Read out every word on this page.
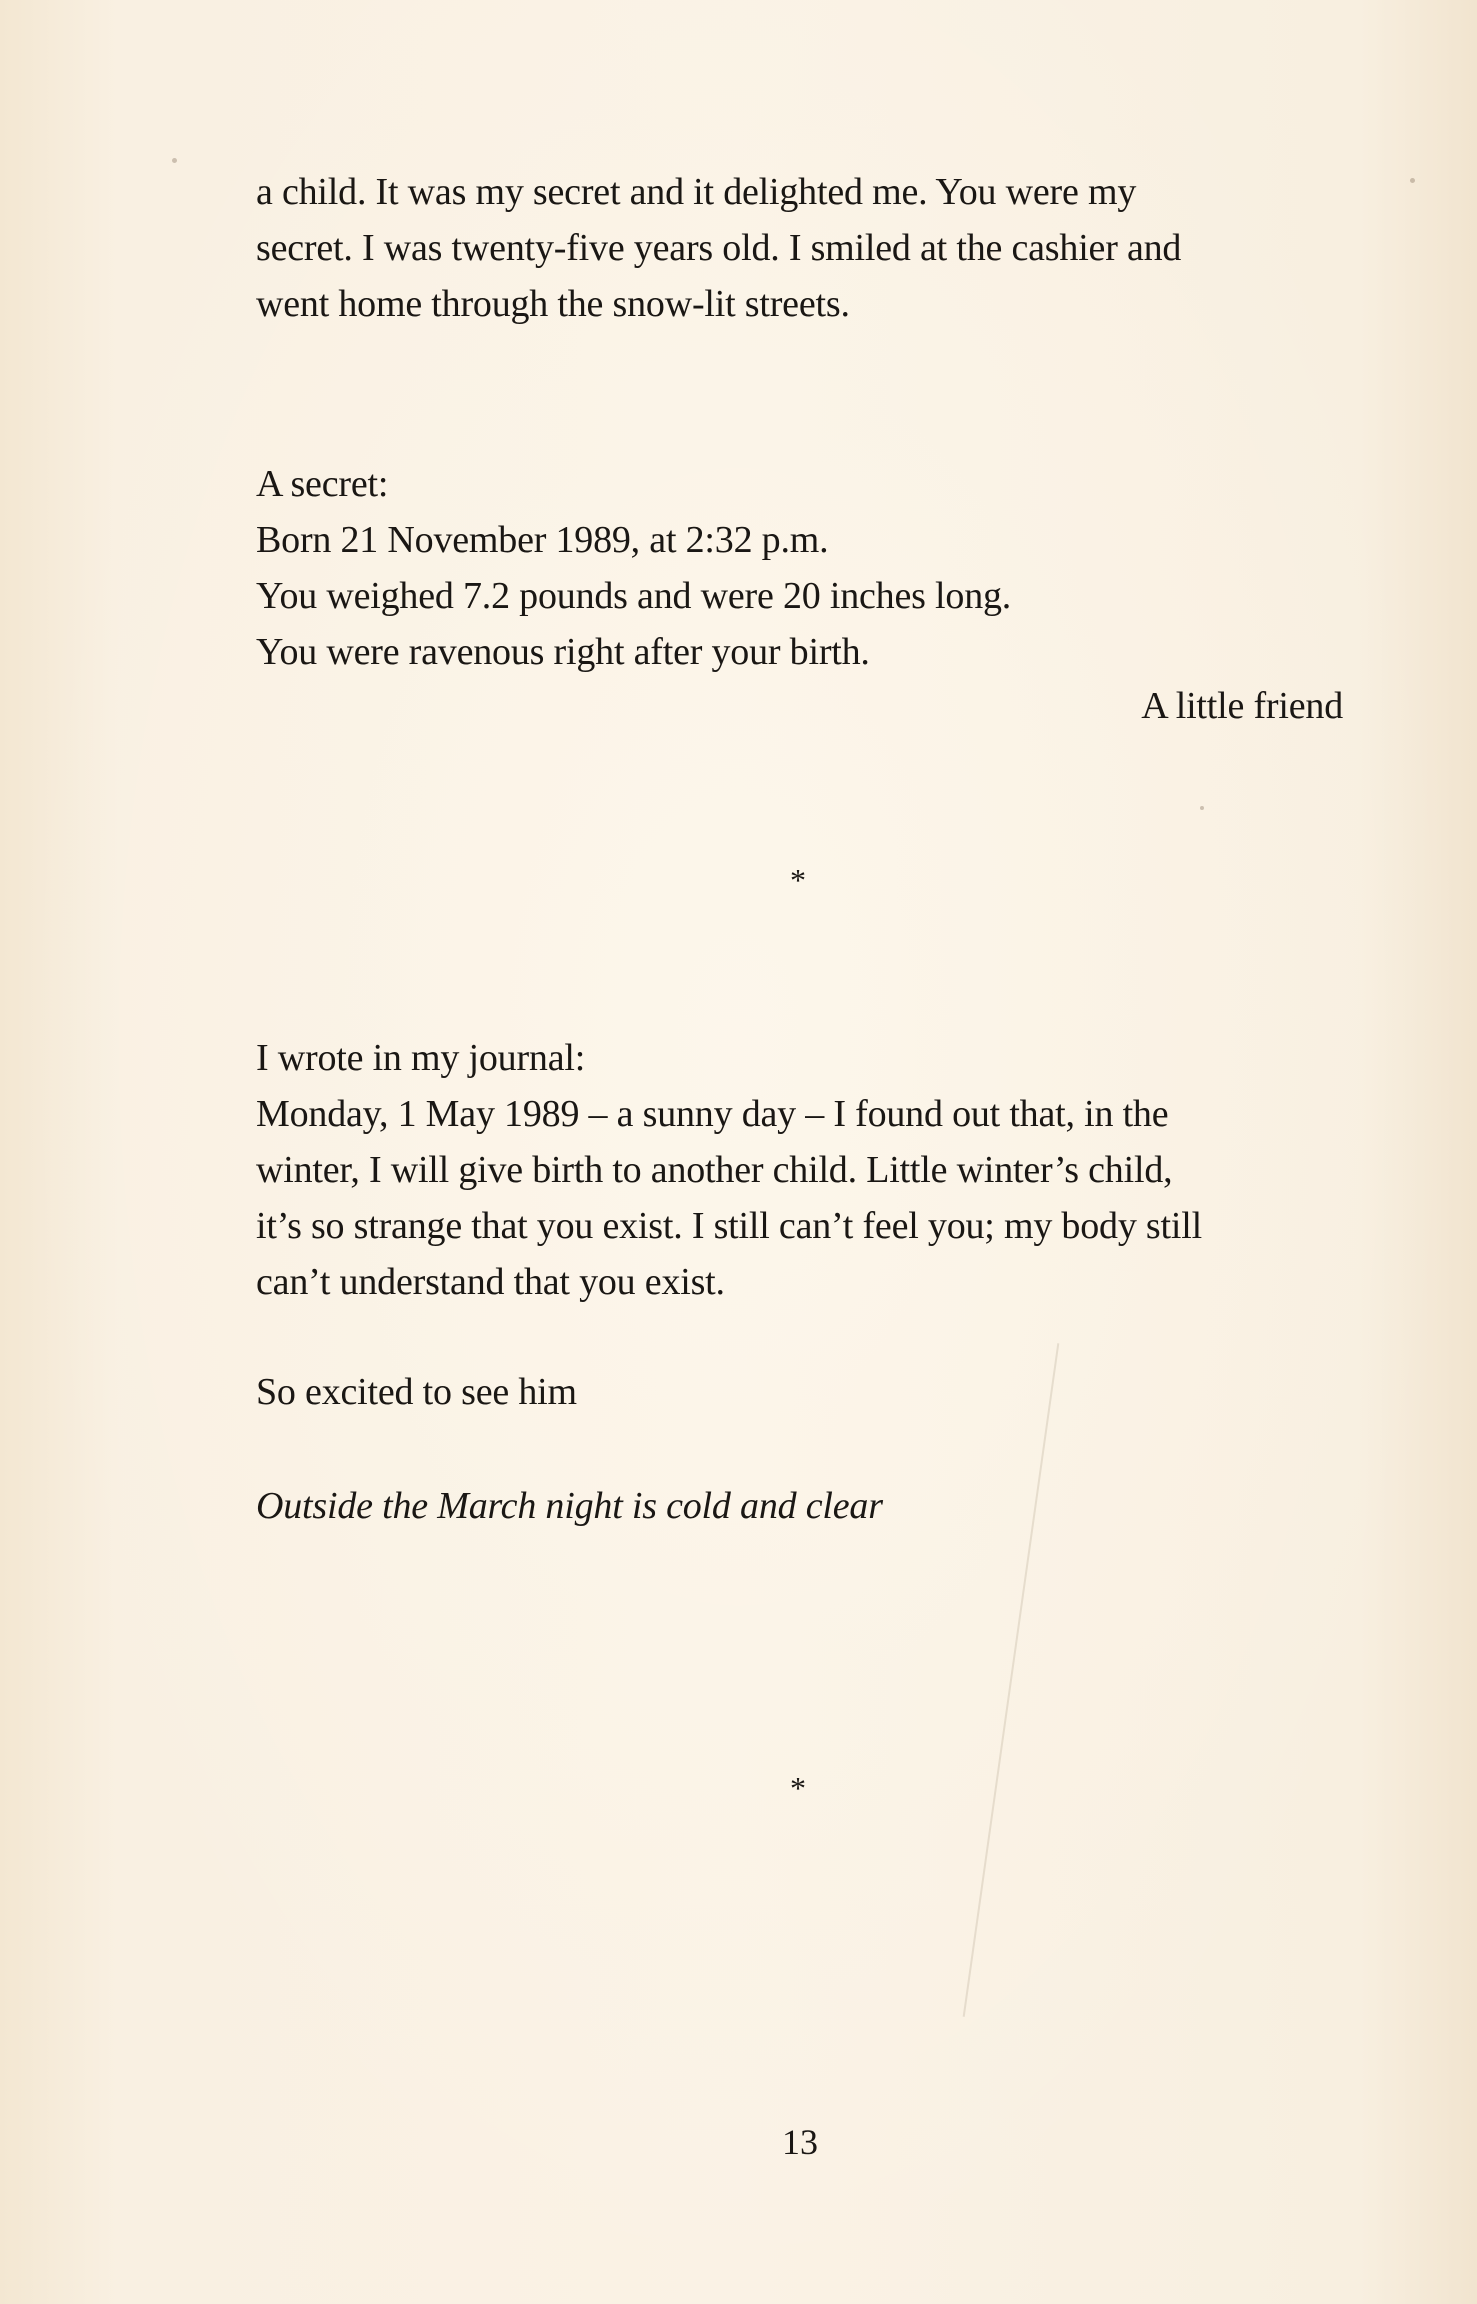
a child. It was my secret and it delighted me. You were my
secret. I was twenty-five years old. I smiled at the cashier and
went home through the snow-lit streets.
A secret:
Born 21 November 1989, at 2:32 p.m.
You weighed 7.2 pounds and were 20 inches long.
You were ravenous right after your birth.
A little friend
*
I wrote in my journal:
Monday, 1 May 1989 – a sunny day – I found out that, in the
winter, I will give birth to another child. Little winter’s child,
it’s so strange that you exist. I still can’t feel you; my body still
can’t understand that you exist.
So excited to see him
Outside the March night is cold and clear
*
13
